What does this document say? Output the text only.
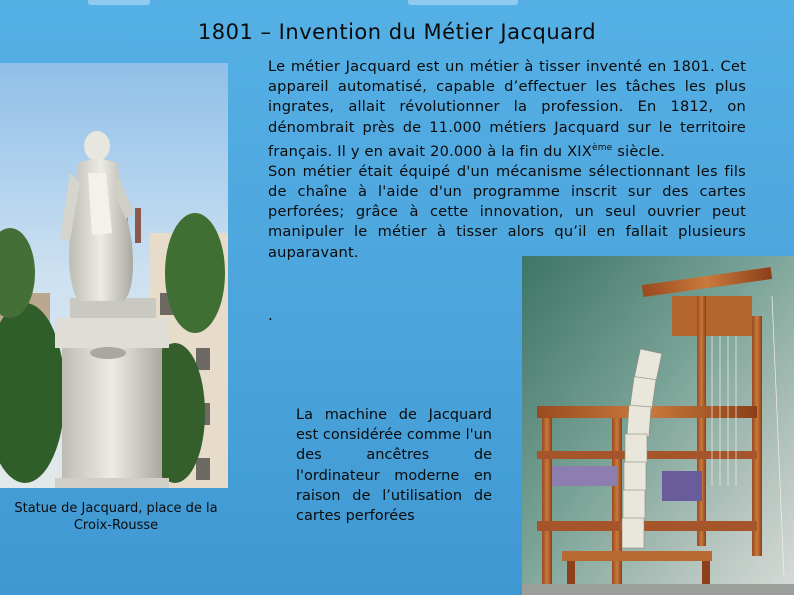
1801 – Invention du Métier Jacquard

Le métier Jacquard est un métier à tisser inventé en 1801. Cet appareil automatisé, capable d’effectuer les tâches les plus ingrates, allait révolutionner la profession. En 1812, on dénombrait près de 11.000 métiers Jacquard sur le territoire français. Il y en avait 20.000 à la fin du XIXème siècle.

Son métier était équipé d'un mécanisme sélectionnant les fils de chaîne à l'aide d'un programme inscrit sur des cartes perforées; grâce à cette innovation, un seul ouvrier peut manipuler le métier à tisser alors qu’il en fallait plusieurs auparavant.

.
Statue de Jacquard, place de la Croix-Rousse
La machine de Jacquard est considérée comme l'un des ancêtres de l'ordinateur moderne en raison de l’utilisation de cartes perforées
